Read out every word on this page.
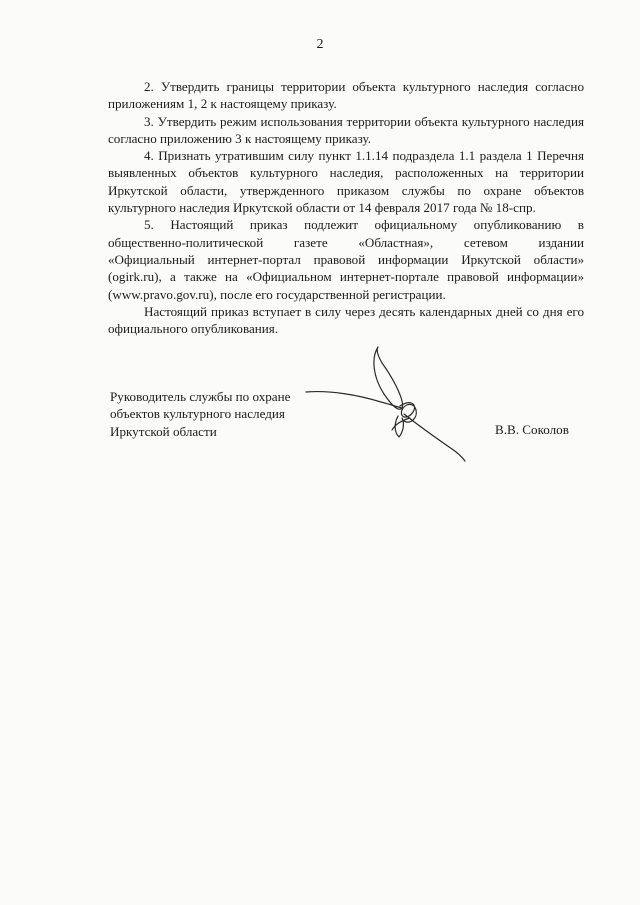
2

2. Утвердить границы территории объекта культурного наследия согласно приложениям 1, 2 к настоящему приказу.

3. Утвердить режим использования территории объекта культурного наследия согласно приложению 3 к настоящему приказу.

4. Признать утратившим силу пункт 1.1.14 подраздела 1.1 раздела 1 Перечня выявленных объектов культурного наследия, расположенных на территории Иркутской области, утвержденного приказом службы по охране объектов культурного наследия Иркутской области от 14 февраля 2017 года № 18-спр.

5. Настоящий приказ подлежит официальному опубликованию в
общественно-политической газете «Областная», сетевом издании
«Официальный интернет-портал правовой информации Иркутской области»
(ogirk.ru), а также на «Официальном интернет-портале правовой информации»
(www.pravo.gov.ru), после его государственной регистрации.

Настоящий приказ вступает в силу через десять календарных дней со дня его официального опубликования.

Руководитель службы по охране
объектов культурного наследия
Иркутской области	В.В. Соколов
